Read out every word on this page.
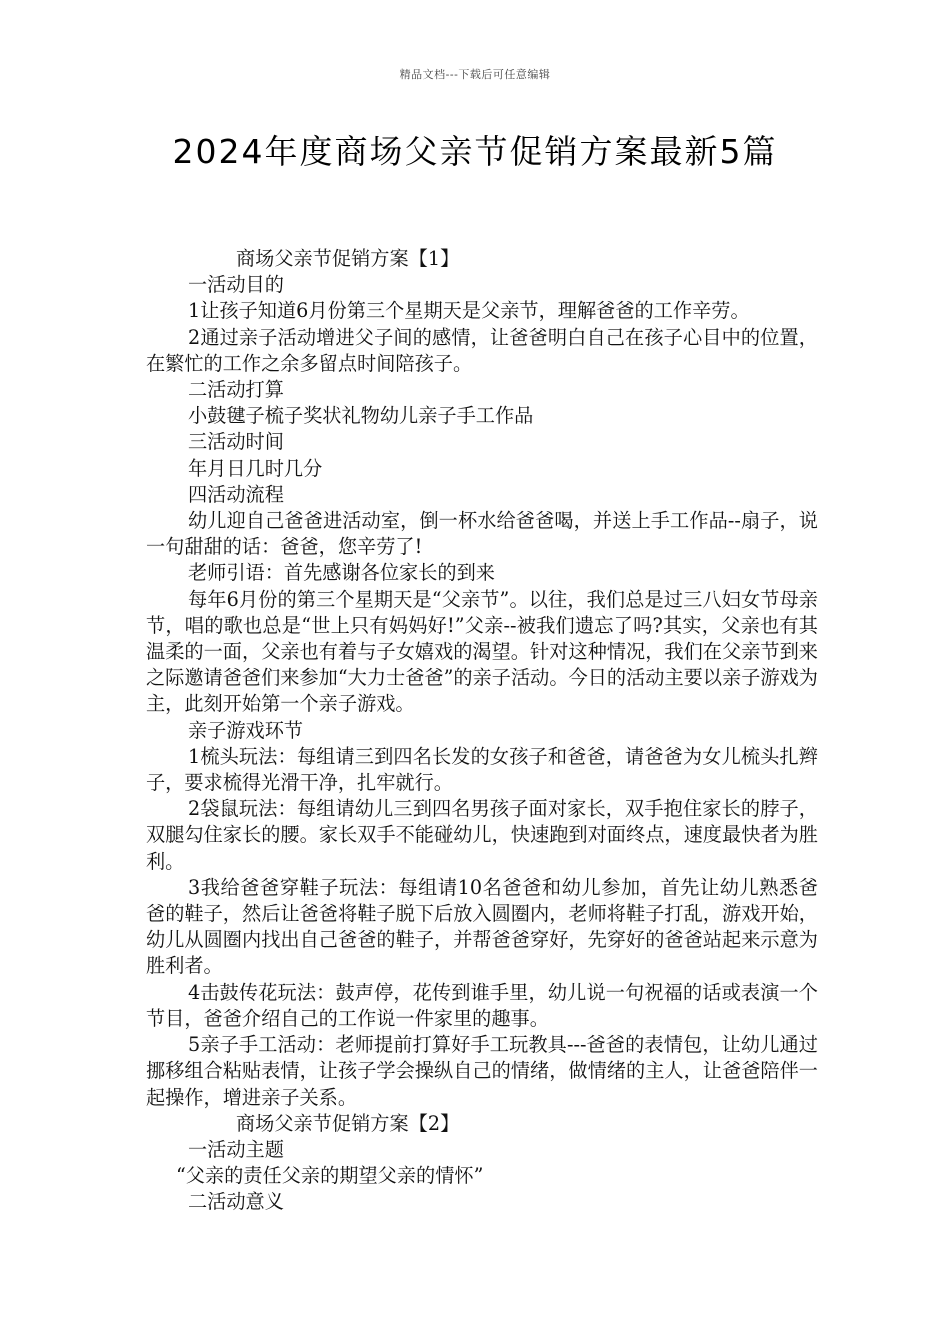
精品文档---下载后可任意编辑
2024年度商场父亲节促销方案最新5篇

商场父亲节促销方案【1】

一活动目的

1让孩子知道6月份第三个星期天是父亲节，理解爸爸的工作辛劳。

2通过亲子活动增进父子间的感情，让爸爸明白自己在孩子心目中的位置，在繁忙的工作之余多留点时间陪孩子。

二活动打算

小鼓毽子梳子奖状礼物幼儿亲子手工作品

三活动时间

年月日几时几分

四活动流程

幼儿迎自己爸爸进活动室，倒一杯水给爸爸喝，并送上手工作品--扇子，说一句甜甜的话：爸爸，您辛劳了!

老师引语：首先感谢各位家长的到来

每年6月份的第三个星期天是“父亲节”。以往，我们总是过三八妇女节母亲节，唱的歌也总是“世上只有妈妈好!”父亲--被我们遗忘了吗?其实，父亲也有其温柔的一面，父亲也有着与子女嬉戏的渴望。针对这种情况，我们在父亲节到来之际邀请爸爸们来参加“大力士爸爸”的亲子活动。今日的活动主要以亲子游戏为主，此刻开始第一个亲子游戏。

亲子游戏环节

1梳头玩法：每组请三到四名长发的女孩子和爸爸，请爸爸为女儿梳头扎辫子，要求梳得光滑干净，扎牢就行。

2袋鼠玩法：每组请幼儿三到四名男孩子面对家长，双手抱住家长的脖子，双腿勾住家长的腰。家长双手不能碰幼儿，快速跑到对面终点，速度最快者为胜利。

3我给爸爸穿鞋子玩法：每组请10名爸爸和幼儿参加，首先让幼儿熟悉爸爸的鞋子，然后让爸爸将鞋子脱下后放入圆圈内，老师将鞋子打乱，游戏开始，幼儿从圆圈内找出自己爸爸的鞋子，并帮爸爸穿好，先穿好的爸爸站起来示意为胜利者。

4击鼓传花玩法：鼓声停，花传到谁手里，幼儿说一句祝福的话或表演一个节目，爸爸介绍自己的工作说一件家里的趣事。

5亲子手工活动：老师提前打算好手工玩教具---爸爸的表情包，让幼儿通过挪移组合粘贴表情，让孩子学会操纵自己的情绪，做情绪的主人，让爸爸陪伴一起操作，增进亲子关系。

商场父亲节促销方案【2】

一活动主题

“父亲的责任父亲的期望父亲的情怀”

二活动意义
